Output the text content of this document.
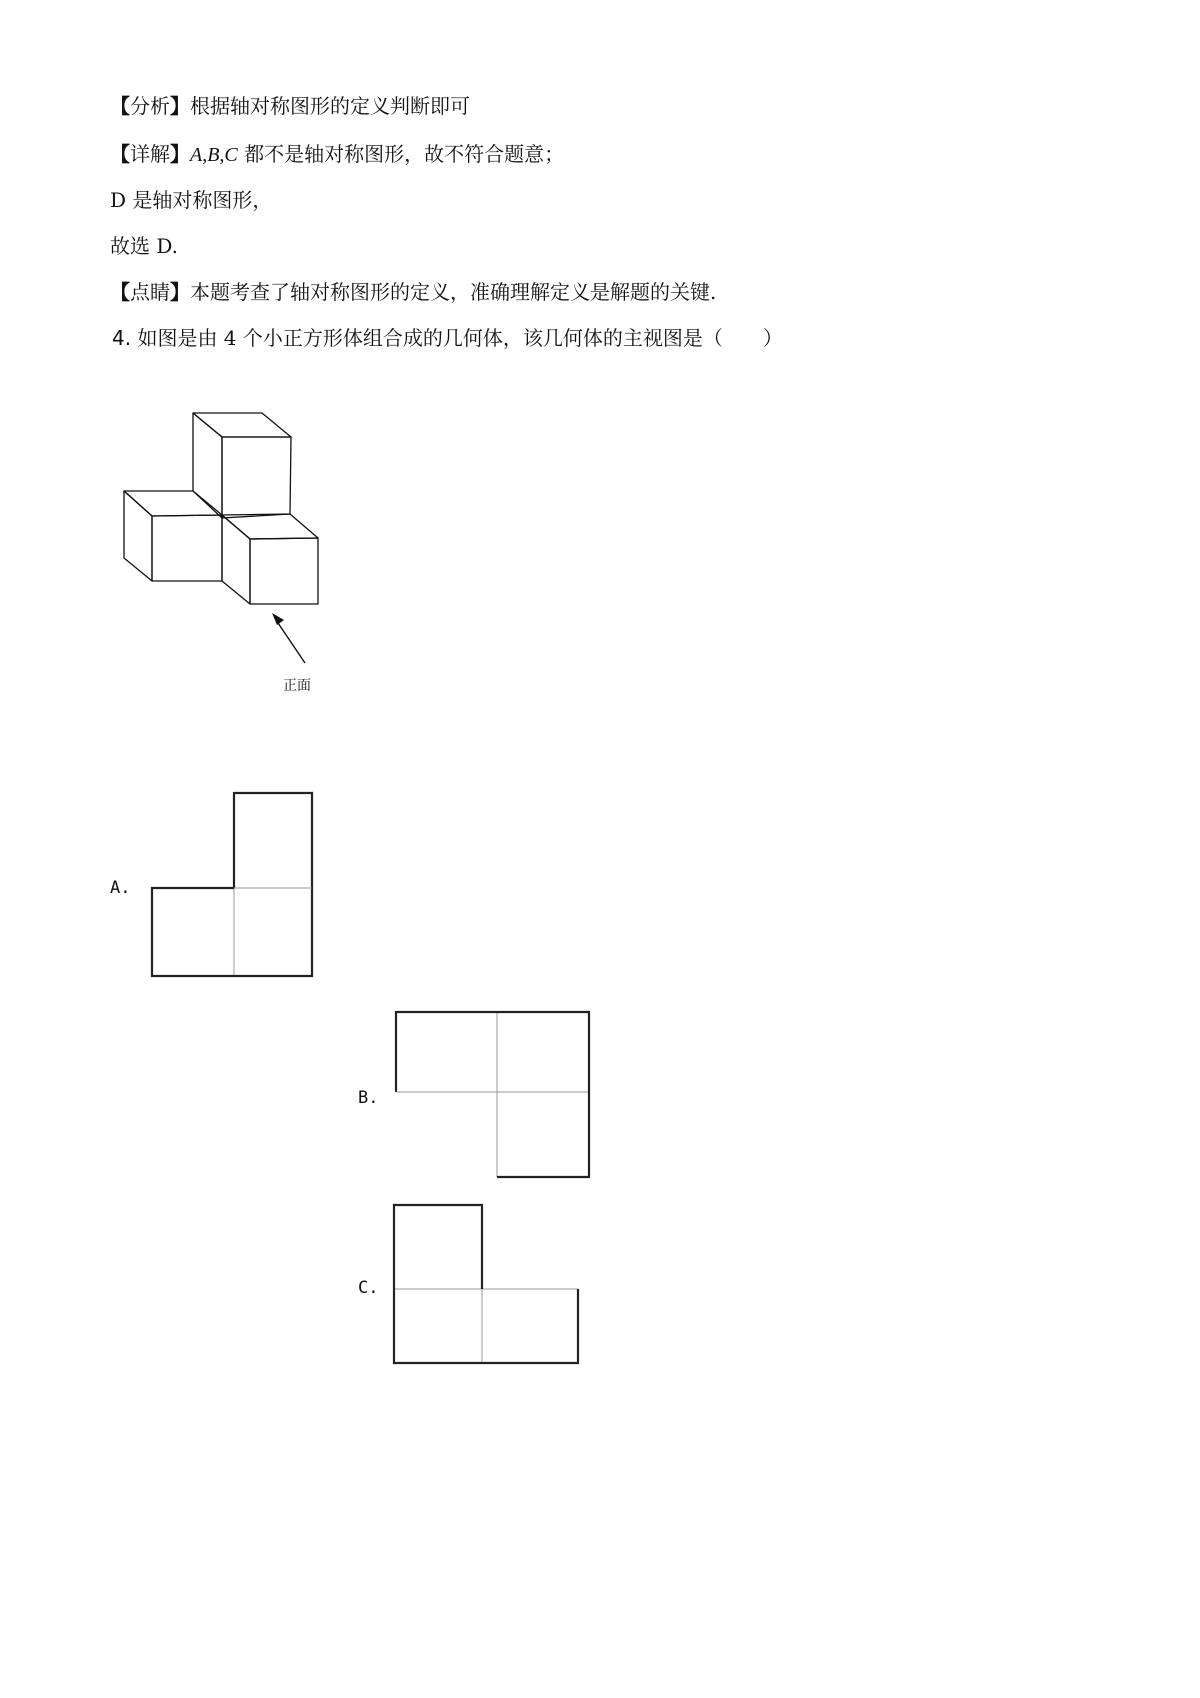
【分析】根据轴对称图形的定义判断即可
【详解】A,B,C 都不是轴对称图形，故不符合题意；
D 是轴对称图形，
故选 D.
【点睛】本题考查了轴对称图形的定义，准确理解定义是解题的关键.
4. 如图是由 4 个小正方形体组合成的几何体，该几何体的主视图是（　　）
正面
A.
B.
C.
